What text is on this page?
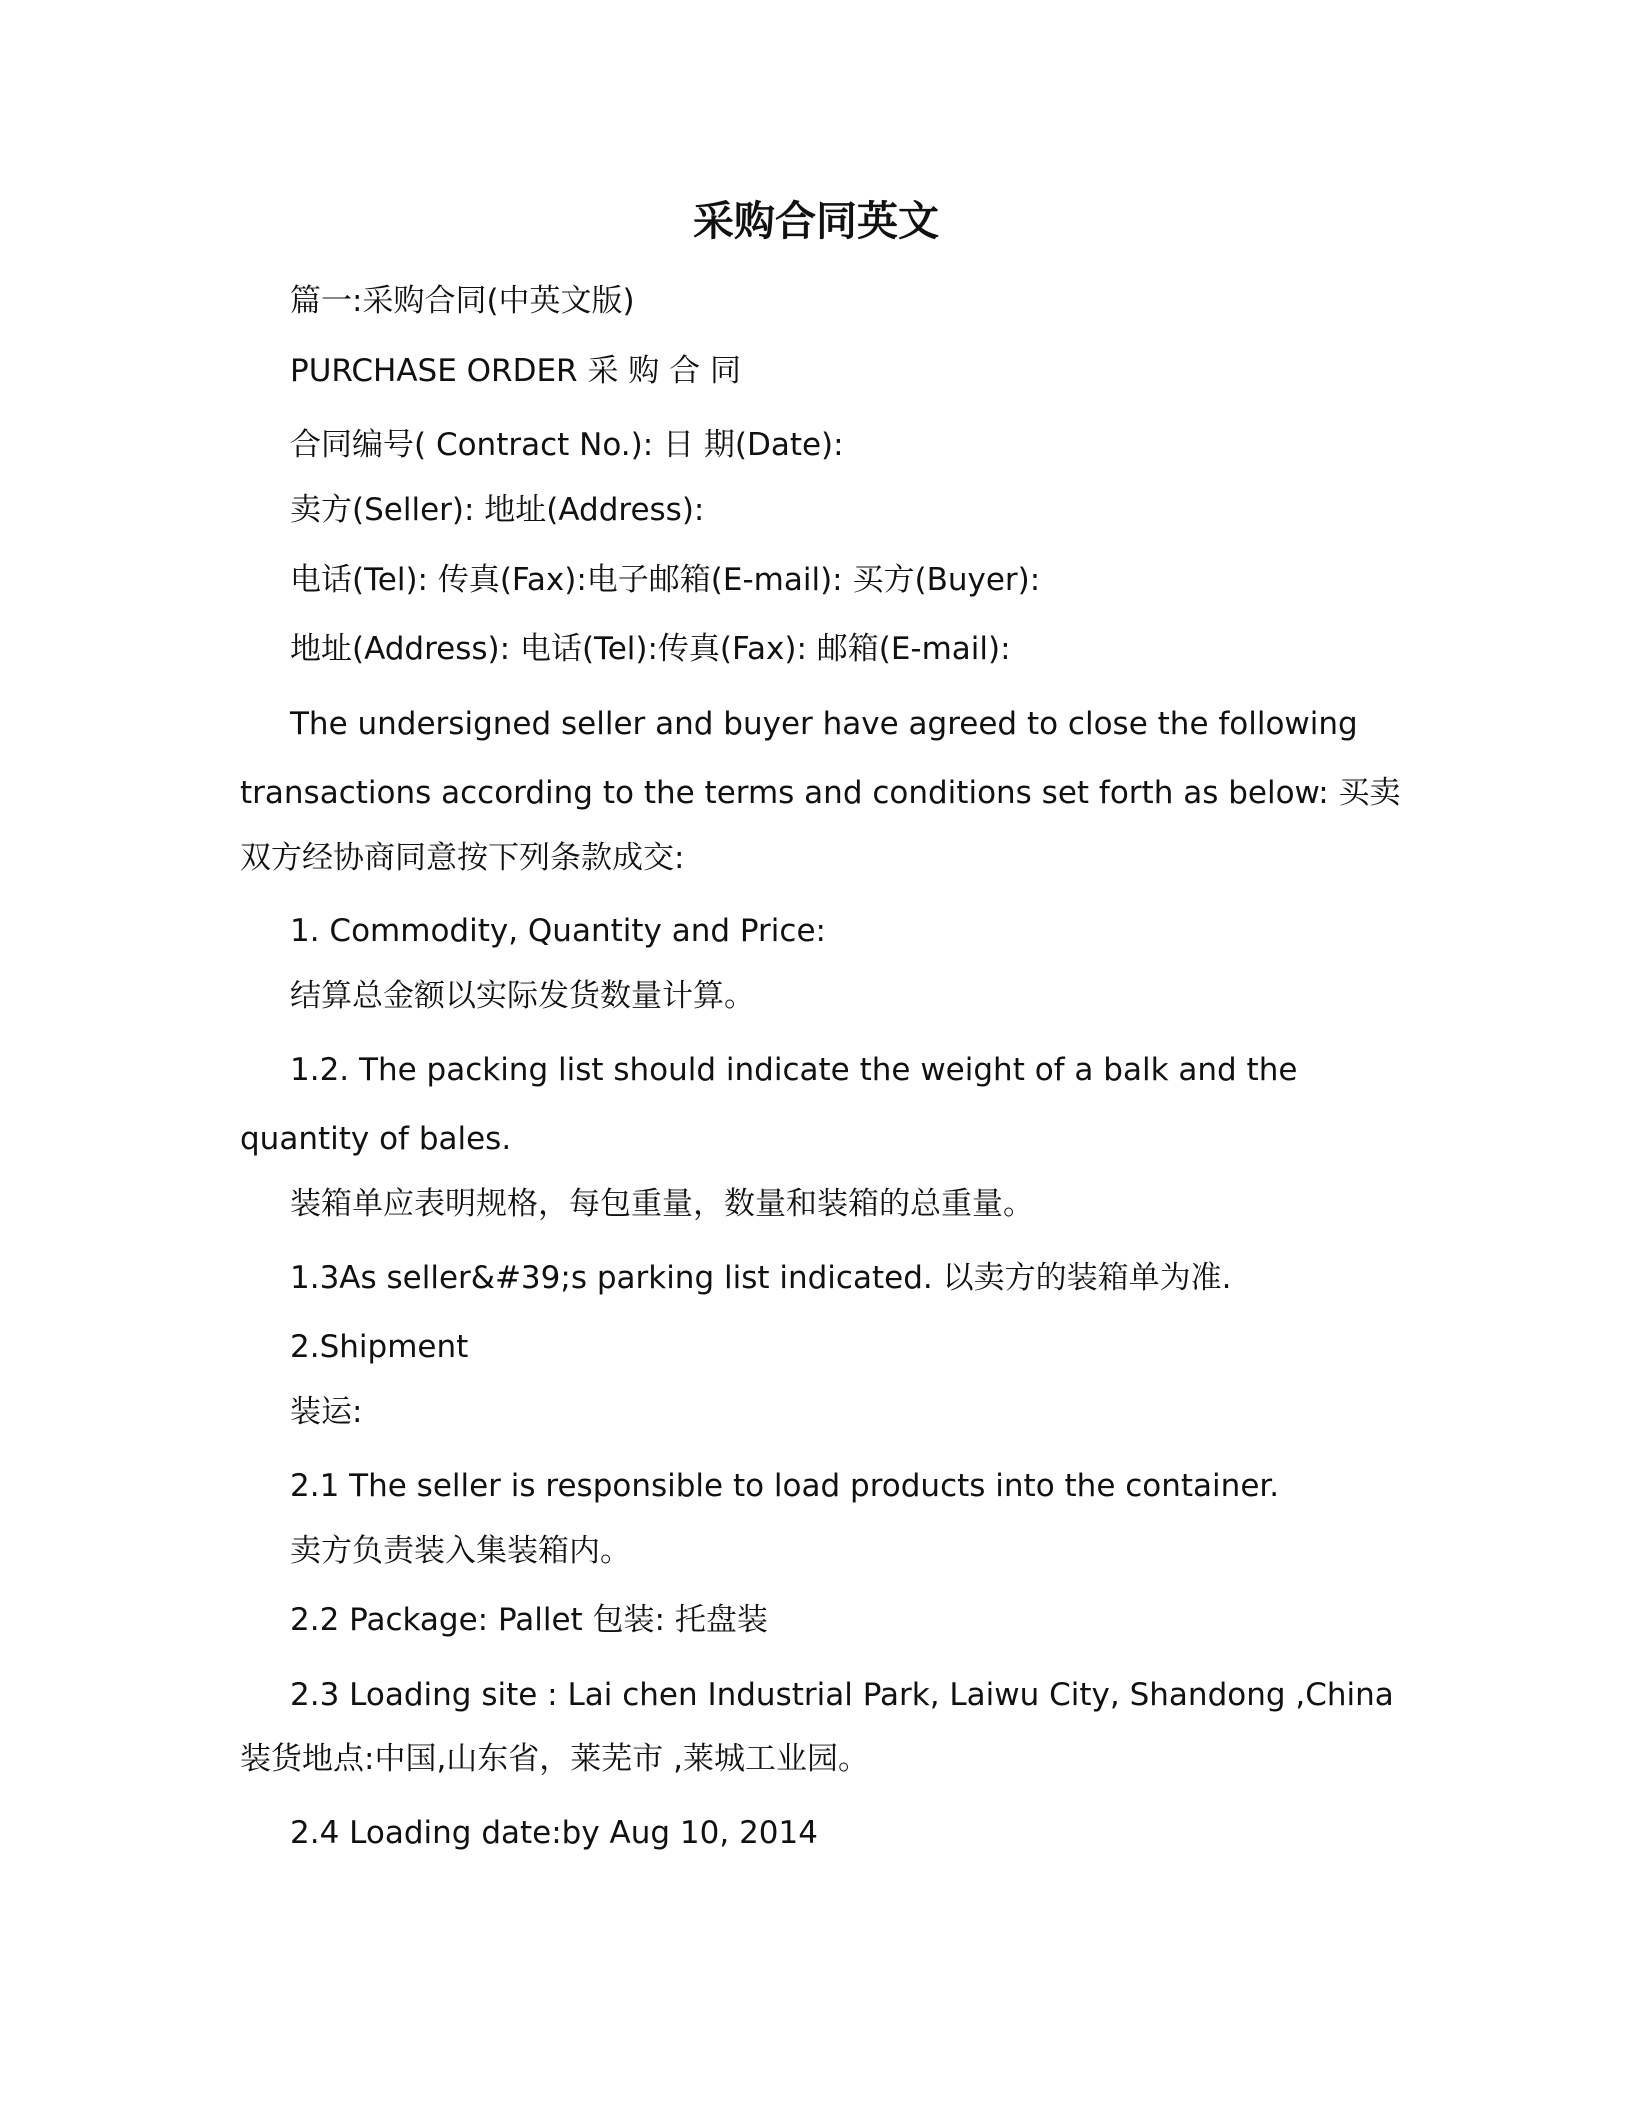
采购合同英文
篇一:采购合同(中英文版)
PURCHASE ORDER 采 购 合 同
合同编号( Contract No.): 日 期(Date):
卖方(Seller): 地址(Address):
电话(Tel): 传真(Fax):电子邮箱(E-mail): 买方(Buyer):
地址(Address): 电话(Tel):传真(Fax): 邮箱(E-mail):
The undersigned seller and buyer have agreed to close the following
transactions according to the terms and conditions set forth as below: 买卖
双方经协商同意按下列条款成交:
1. Commodity, Quantity and Price:
结算总金额以实际发货数量计算。
1.2. The packing list should indicate the weight of a balk and the
quantity of bales.
装箱单应表明规格，每包重量，数量和装箱的总重量。
1.3As seller&#39;s parking list indicated. 以卖方的装箱单为准.
2.Shipment
装运:
2.1 The seller is responsible to load products into the container.
卖方负责装入集装箱内。
2.2 Package: Pallet 包装: 托盘装
2.3 Loading site : Lai chen Industrial Park, Laiwu City, Shandong ,China
装货地点:中国,山东省，莱芜市 ,莱城工业园。
2.4 Loading date:by Aug 10, 2014
